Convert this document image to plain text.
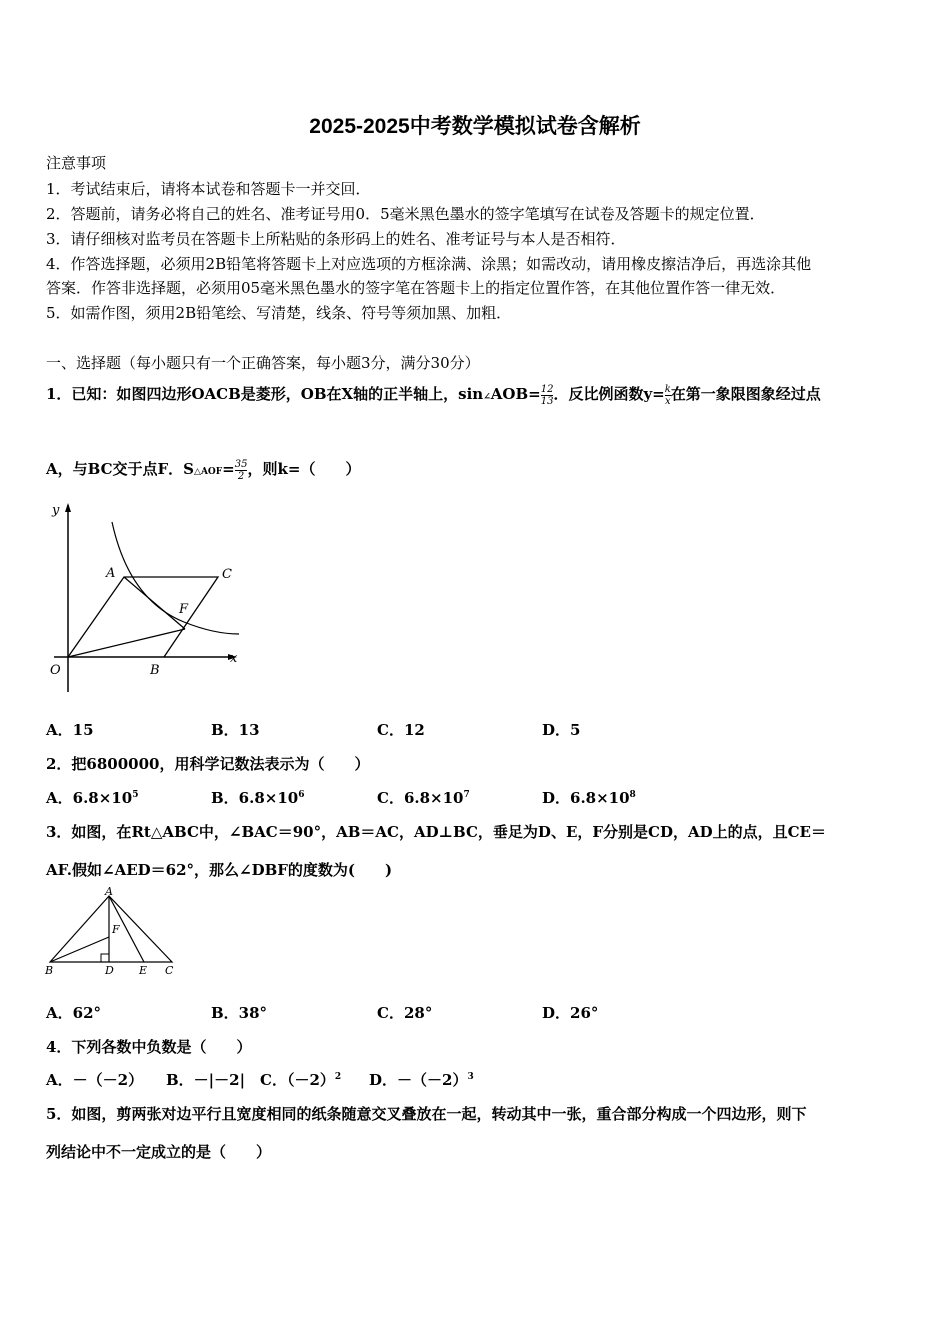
2025-2025中考数学模拟试卷含解析
注意事项
1．考试结束后，请将本试卷和答题卡一并交回．
2．答题前，请务必将自己的姓名、准考证号用0．5毫米黑色墨水的签字笔填写在试卷及答题卡的规定位置．
3．请仔细核对监考员在答题卡上所粘贴的条形码上的姓名、准考证号与本人是否相符．
4．作答选择题，必须用2B铅笔将答题卡上对应选项的方框涂满、涂黑；如需改动，请用橡皮擦洁净后，再选涂其他
答案．作答非选择题，必须用05毫米黑色墨水的签字笔在答题卡上的指定位置作答，在其他位置作答一律无效．
5．如需作图，须用2B铅笔绘、写清楚，线条、符号等须加黑、加粗．
一、选择题（每小题只有一个正确答案，每小题3分，满分30分）
1．已知：如图四边形OACB是菱形，OB在X轴的正半轴上，sin∠AOB= $\frac{12}{13}$ ．反比例函数$y= \frac{k}{x}$ 在第一象限图象经过点
A，与BC交于点F．S△AOF= $\frac{35}{2}$ ，则k=（　　）
y
x
O
A	C
F
B
A．15	B．13	C．12	D．5
2．把6800000，用科学记数法表示为（　　）
A．$6.8\times 10^5$	B．$6.8\times 10^6$	C．$6.8\times 10^7$	D．$6.8\times 10^8$
3．如图，在Rt△ABC中，∠BAC＝90°，AB＝AC，AD⊥BC，垂足为D、E，F分别是CD，AD上的点，且CE＝
AF.假如∠AED＝62°，那么∠DBF的度数为(　　)
A
F
B	D E C
A．62°	B．38°	C．28°	D．26°
4．下列各数中负数是（　　）
A．－（－2） B．－|－2| C．$(-2)^2$ D．$-(-2)^3$
5．如图，剪两张对边平行且宽度相同的纸条随意交叉叠放在一起，转动其中一张，重合部分构成一个四边形，则下
列结论中不一定成立的是（　　）
